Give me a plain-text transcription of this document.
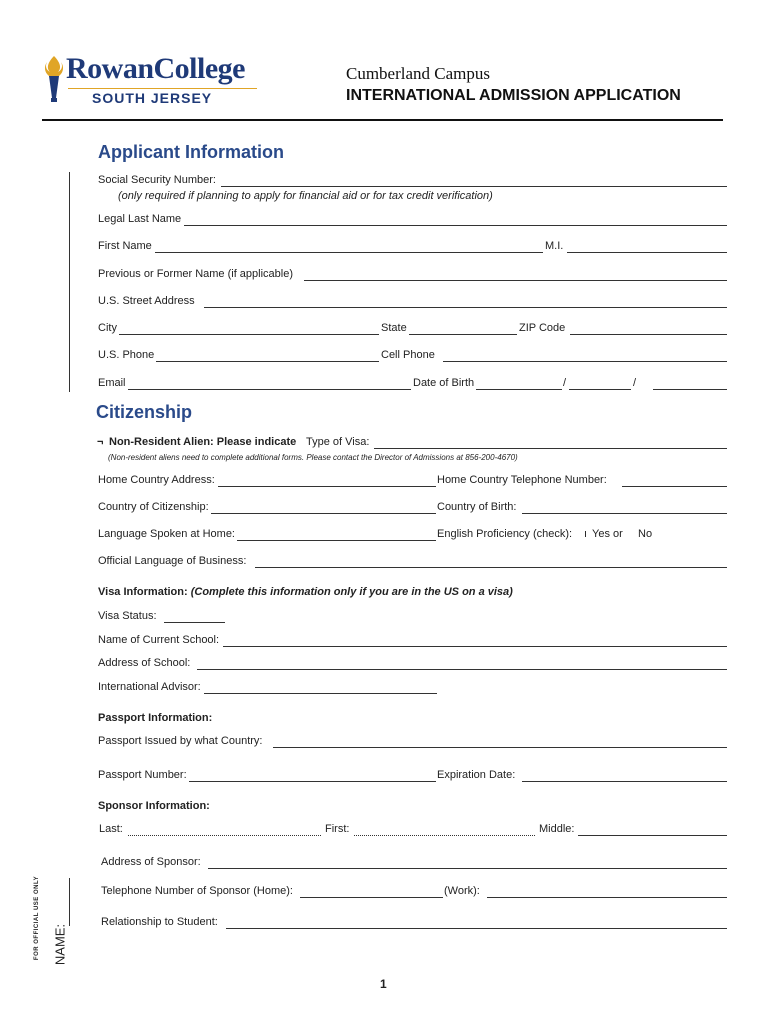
RowanCollege
SOUTH JERSEY
Cumberland Campus
INTERNATIONAL ADMISSION APPLICATION
Applicant Information
Social Security Number:
(only required if planning to apply for financial aid or for tax credit verification)
Legal Last Name
First Name	M.I.
Previous or Former Name (if applicable)
U.S. Street Address
City	State	ZIP Code
U.S. Phone	Cell Phone
Email	Date of Birth	/	/
Citizenship
¬ Non-Resident Alien: Please indicate Type of Visa:
(Non-resident aliens need to complete additional forms. Please contact the Director of Admissions at 856-200-4670)
Home Country Address:	Home Country Telephone Number:
Country of Citizenship:	Country of Birth:
Language Spoken at Home:	English Proficiency (check): ı Yes or No
Official Language of Business:
Visa Information: (Complete this information only if you are in the US on a visa)
Visa Status:
Name of Current School:
Address of School:
International Advisor:
Passport Information:
Passport Issued by what Country:
Passport Number:	Expiration Date:
Sponsor Information:
Last:	First:	Middle:
Address of Sponsor:
Telephone Number of Sponsor (Home):	(Work):
Relationship to Student:
FOR OFFICIAL USE ONLY NAME:
1
